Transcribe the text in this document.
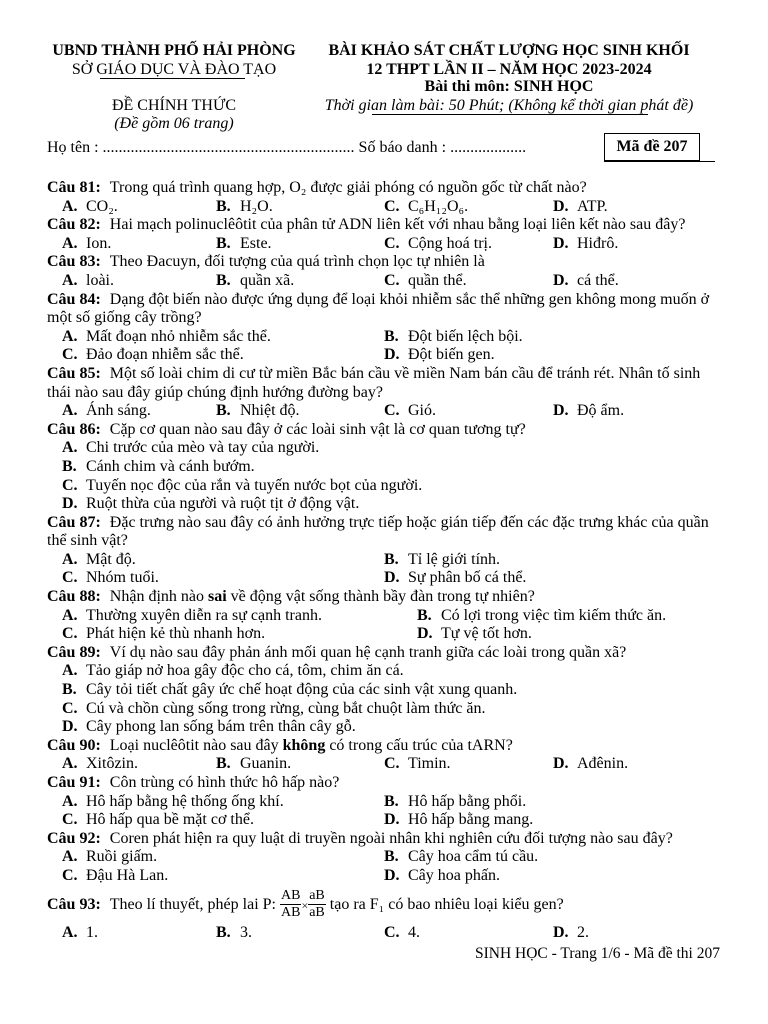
UBND THÀNH PHỐ HẢI PHÒNG
SỞ GIÁO DỤC VÀ ĐÀO TẠO
ĐỀ CHÍNH THỨC
(Đề gồm 06 trang)
BÀI KHẢO SÁT CHẤT LƯỢNG HỌC SINH KHỐI
12 THPT LẦN II – NĂM HỌC 2023-2024
Bài thi môn: SINH HỌC
Thời gian làm bài: 50 Phút; (Không kể thời gian phát đề)
Họ tên : ............................................................... Số báo danh : ...................	Mã đề 207
Câu 81: Trong quá trình quang hợp, O₂ được giải phóng có nguồn gốc từ chất nào?
A. CO₂.	B. H₂O.	C. C₆H₁₂O₆.	D. ATP.
Câu 82: Hai mạch polinuclêôtit của phân tử ADN liên kết với nhau bằng loại liên kết nào sau đây?
A. Ion.	B. Este.	C. Cộng hoá trị.	D. Hiđrô.
Câu 83: Theo Đacuyn, đối tượng của quá trình chọn lọc tự nhiên là
A. loài.	B. quần xã.	C. quần thể.	D. cá thể.
Câu 84: Dạng đột biến nào được ứng dụng để loại khỏi nhiễm sắc thể những gen không mong muốn ở một số giống cây trồng?
A. Mất đoạn nhỏ nhiễm sắc thể.	B. Đột biến lệch bội.
C. Đảo đoạn nhiễm sắc thể.	D. Đột biến gen.
Câu 85: Một số loài chim di cư từ miền Bắc bán cầu về miền Nam bán cầu để tránh rét. Nhân tố sinh thái nào sau đây giúp chúng định hướng đường bay?
A. Ánh sáng.	B. Nhiệt độ.	C. Gió.	D. Độ ẩm.
Câu 86: Cặp cơ quan nào sau đây ở các loài sinh vật là cơ quan tương tự?
A. Chi trước của mèo và tay của người.
B. Cánh chim và cánh bướm.
C. Tuyến nọc độc của rắn và tuyến nước bọt của người.
D. Ruột thừa của người và ruột tịt ở động vật.
Câu 87: Đặc trưng nào sau đây có ảnh hưởng trực tiếp hoặc gián tiếp đến các đặc trưng khác của quần thể sinh vật?
A. Mật độ.	B. Tỉ lệ giới tính.
C. Nhóm tuổi.	D. Sự phân bố cá thể.
Câu 88: Nhận định nào sai về động vật sống thành bầy đàn trong tự nhiên?
A. Thường xuyên diễn ra sự cạnh tranh.	B. Có lợi trong việc tìm kiếm thức ăn.
C. Phát hiện kẻ thù nhanh hơn.	D. Tự vệ tốt hơn.
Câu 89: Ví dụ nào sau đây phản ánh mối quan hệ cạnh tranh giữa các loài trong quần xã?
A. Tảo giáp nở hoa gây độc cho cá, tôm, chim ăn cá.
B. Cây tỏi tiết chất gây ức chế hoạt động của các sinh vật xung quanh.
C. Cú và chồn cùng sống trong rừng, cùng bắt chuột làm thức ăn.
D. Cây phong lan sống bám trên thân cây gỗ.
Câu 90: Loại nuclêôtit nào sau đây không có trong cấu trúc của tARN?
A. Xitôzin.	B. Guanin.	C. Timin.	D. Ađênin.
Câu 91: Côn trùng có hình thức hô hấp nào?
A. Hô hấp bằng hệ thống ống khí.	B. Hô hấp bằng phổi.
C. Hô hấp qua bề mặt cơ thể.	D. Hô hấp bằng mang.
Câu 92: Coren phát hiện ra quy luật di truyền ngoài nhân khi nghiên cứu đối tượng nào sau đây?
A. Ruồi giấm.	B. Cây hoa cẩm tú cầu.
C. Đậu Hà Lan.	D. Cây hoa phấn.
Câu 93: Theo lí thuyết, phép lai P: $\frac{AB}{AB} \times \frac{aB}{aB}$ tạo ra F₁ có bao nhiêu loại kiểu gen?
A. 1.	B. 3.	C. 4.	D. 2.
SINH HỌC - Trang 1/6 - Mã đề thi 207
